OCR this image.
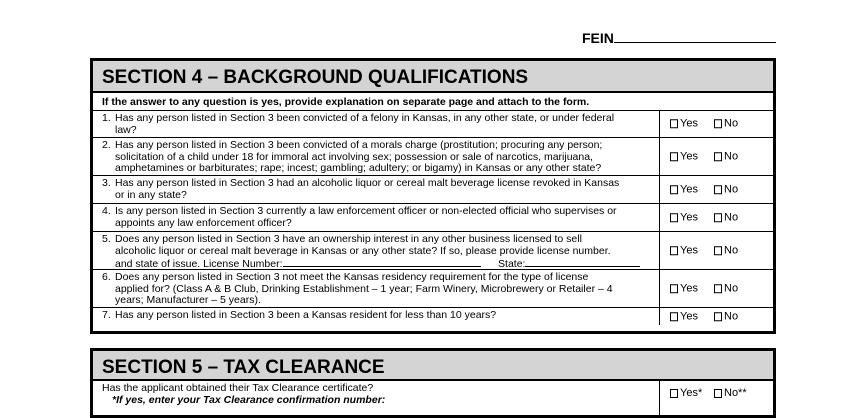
FEIN
SECTION 4 – BACKGROUND QUALIFICATIONS
If the answer to any question is yes, provide explanation on separate page and attach to the form.
1. Has any person listed in Section 3 been convicted of a felony in Kansas, in any other state, or under federal
law?
Yes No
2. Has any person listed in Section 3 been convicted of a morals charge (prostitution; procuring any person;
solicitation of a child under 18 for immoral act involving sex; possession or sale of narcotics, marijuana,
amphetamines or barbiturates; rape; incest; gambling; adultery; or bigamy) in Kansas or any other state?
Yes No
3. Has any person listed in Section 3 had an alcoholic liquor or cereal malt beverage license revoked in Kansas
or in any state?	Yes No
4. Is any person listed in Section 3 currently a law enforcement officer or non-elected official who supervises or
appoints any law enforcement officer?	Yes No
5. Does any person listed in Section 3 have an ownership interest in any other business licensed to sell
alcoholic liquor or cereal malt beverage in Kansas or any other state? If so, please provide license number.
and state of issue. License Number:	State:
Yes No
6. Does any person listed in Section 3 not meet the Kansas residency requirement for the type of license
applied for? (Class A & B Club, Drinking Establishment – 1 year; Farm Winery, Microbrewery or Retailer – 4
years; Manufacturer – 5 years).
Yes No
7. Has any person listed in Section 3 been a Kansas resident for less than 10 years?	Yes No
SECTION 5 – TAX CLEARANCE
Has the applicant obtained their Tax Clearance certificate?
*If yes, enter your Tax Clearance confirmation number:
Yes* No**
